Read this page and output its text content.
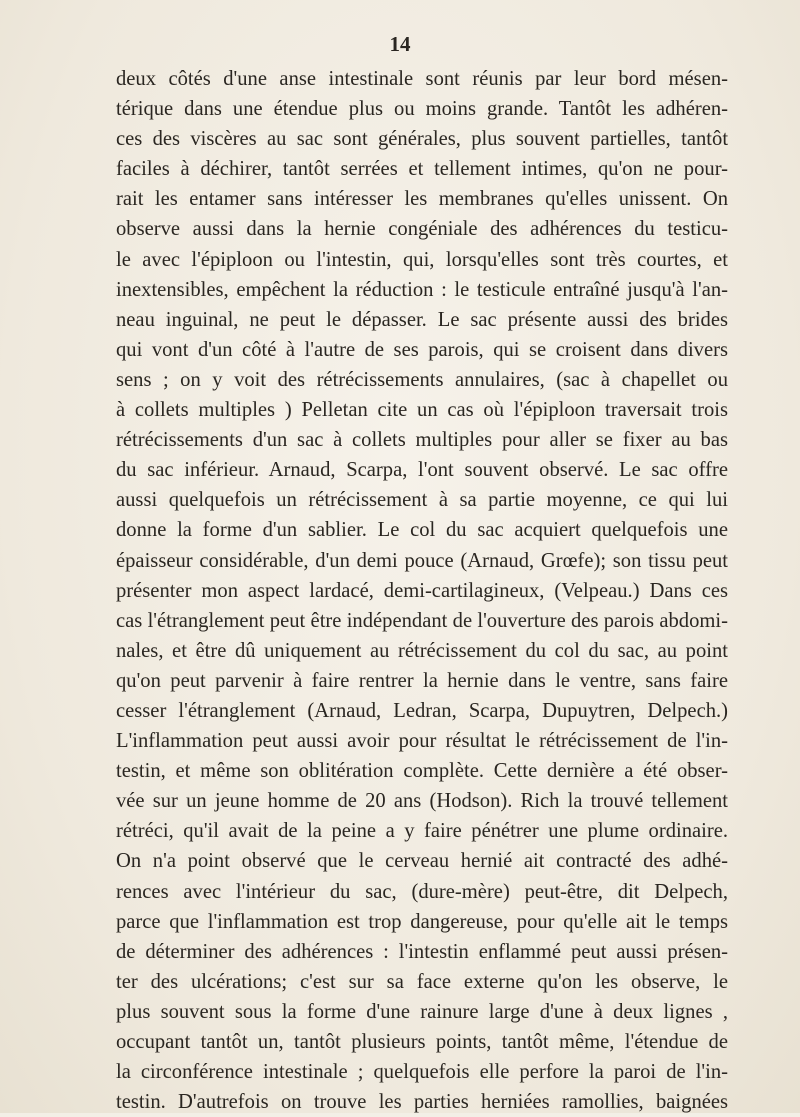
14
deux côtés d'une anse intestinale sont réunis par leur bord mésen-
térique dans une étendue plus ou moins grande. Tantôt les adhéren-
ces des viscères au sac sont générales, plus souvent partielles, tantôt
faciles à déchirer, tantôt serrées et tellement intimes, qu'on ne pour-
rait les entamer sans intéresser les membranes qu'elles unissent. On
observe aussi dans la hernie congéniale des adhérences du testicu-
le avec l'épiploon ou l'intestin, qui, lorsqu'elles sont très courtes, et
inextensibles, empêchent la réduction : le testicule entraîné jusqu'à l'an-
neau inguinal, ne peut le dépasser. Le sac présente aussi des brides
qui vont d'un côté à l'autre de ses parois, qui se croisent dans divers
sens ; on y voit des rétrécissements annulaires, (sac à chapellet ou
à collets multiples ) Pelletan cite un cas où l'épiploon traversait trois
rétrécissements d'un sac à collets multiples pour aller se fixer au bas
du sac inférieur. Arnaud, Scarpa, l'ont souvent observé. Le sac offre
aussi quelquefois un rétrécissement à sa partie moyenne, ce qui lui
donne la forme d'un sablier. Le col du sac acquiert quelquefois une
épaisseur considérable, d'un demi pouce (Arnaud, Grœfe); son tissu peut
présenter mon aspect lardacé, demi-cartilagineux, (Velpeau.) Dans ces
cas l'étranglement peut être indépendant de l'ouverture des parois abdomi-
nales, et être dû uniquement au rétrécissement du col du sac, au point
qu'on peut parvenir à faire rentrer la hernie dans le ventre, sans faire
cesser l'étranglement (Arnaud, Ledran, Scarpa, Dupuytren, Delpech.)
L'inflammation peut aussi avoir pour résultat le rétrécissement de l'in-
testin, et même son oblitération complète. Cette dernière a été obser-
vée sur un jeune homme de 20 ans (Hodson). Rich la trouvé tellement
rétréci, qu'il avait de la peine a y faire pénétrer une plume ordinaire.
On n'a point observé que le cerveau hernié ait contracté des adhé-
rences avec l'intérieur du sac, (dure-mère) peut-être, dit Delpech,
parce que l'inflammation est trop dangereuse, pour qu'elle ait le temps
de déterminer des adhérences : l'intestin enflammé peut aussi présen-
ter des ulcérations; c'est sur sa face externe qu'on les observe, le
plus souvent sous la forme d'une rainure large d'une à deux lignes ,
occupant tantôt un, tantôt plusieurs points, tantôt même, l'étendue de
la circonférence intestinale ; quelquefois elle perfore la paroi de l'in-
testin. D'autrefois on trouve les parties herniées ramollies, baignées
